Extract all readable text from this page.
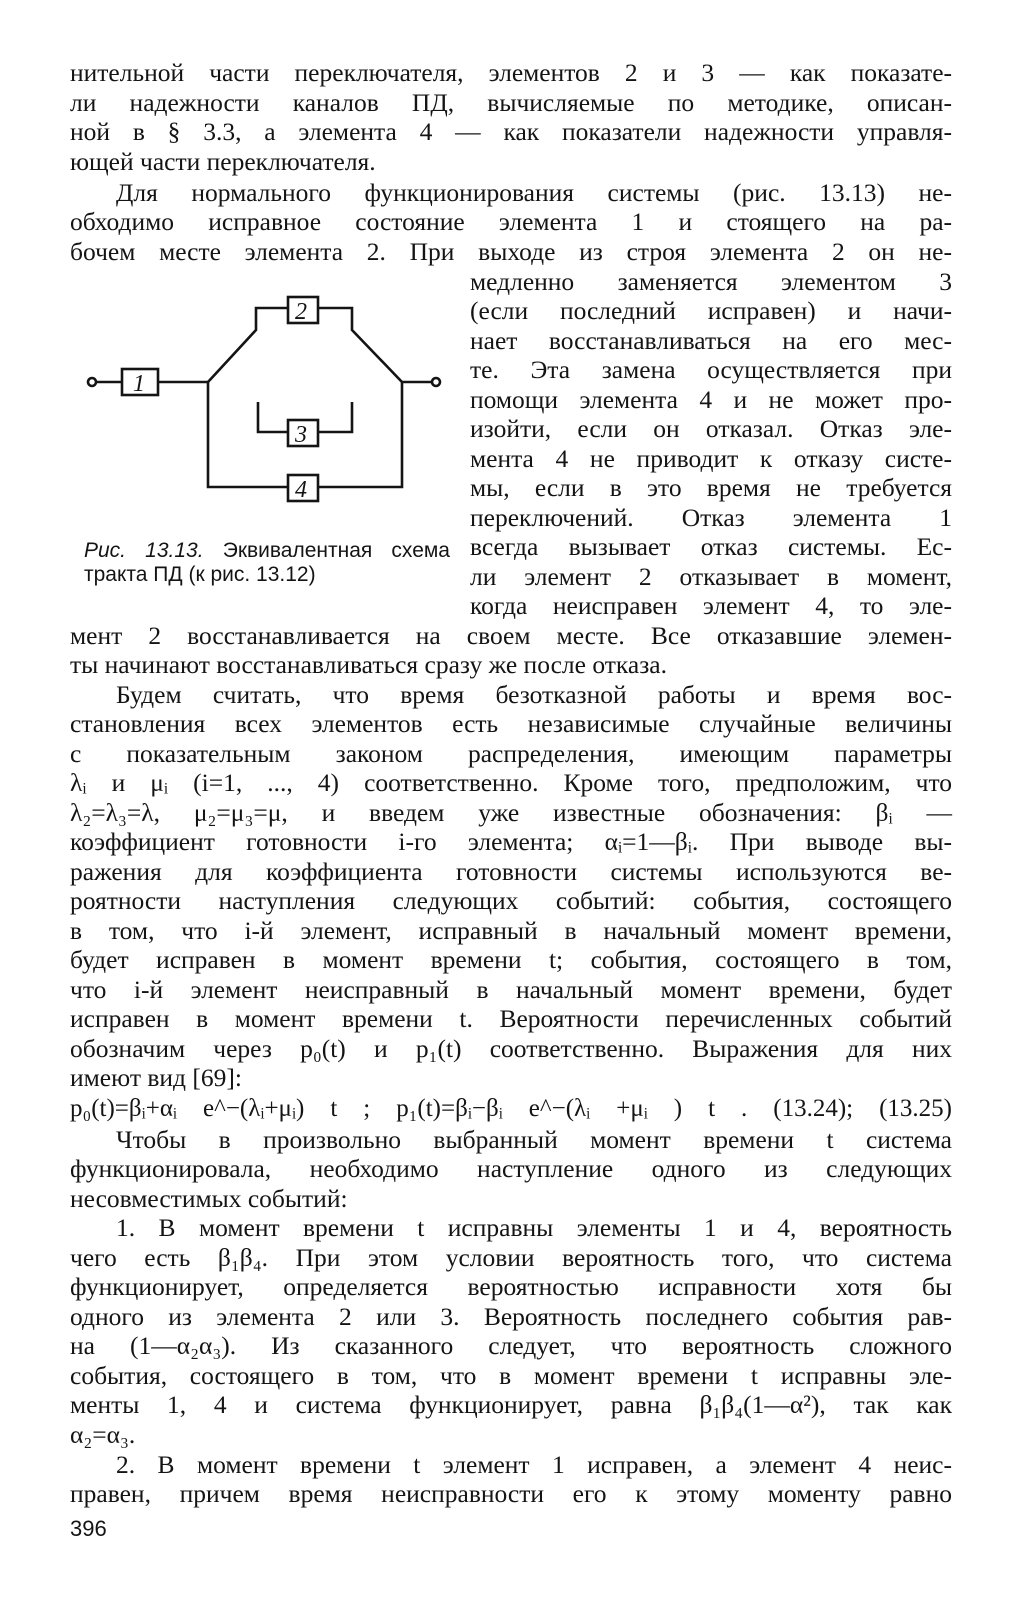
нительной части переключателя, элементов 2 и 3 — как показате-
ли надежности каналов ПД, вычисляемые по методике, описан-
ной в § 3.3, а элемента 4 — как показатели надежности управля-
ющей части переключателя.
Для нормального функционирования системы (рис. 13.13) не-
обходимо исправное состояние элемента 1 и стоящего на ра-
бочем месте элемента 2. При выходе из строя элемента 2 он не-
медленно заменяется элементом 3
(если последний исправен) и начи-
нает восстанавливаться на его мес-
те. Эта замена осуществляется при
помощи элемента 4 и не может про-
изойти, если он отказал. Отказ эле-
мента 4 не приводит к отказу систе-
мы, если в это время не требуется
переключений. Отказ элемента 1
всегда вызывает отказ системы. Ес-
ли элемент 2 отказывает в момент,
когда неисправен элемент 4, то эле-
мент 2 восстанавливается на своем месте. Все отказавшие элемен-
ты начинают восстанавливаться сразу же после отказа.
Будем считать, что время безотказной работы и время вос-
становления всех элементов есть независимые случайные величины
с показательным законом распределения, имеющим параметры
λᵢ и μᵢ (i=1, ..., 4) соответственно. Кроме того, предположим, что
λ₂=λ₃=λ, μ₂=μ₃=μ, и введем уже известные обозначения: βᵢ —
коэффициент готовности i-го элемента; αᵢ=1—βᵢ. При выводе вы-
ражения для коэффициента готовности системы используются ве-
роятности наступления следующих событий: события, состоящего
в том, что i-й элемент, исправный в начальный момент времени,
будет исправен в момент времени t; события, состоящего в том,
что i-й элемент неисправный в начальный момент времени, будет
исправен в момент времени t. Вероятности перечисленных событий
обозначим через p₀(t) и p₁(t) соответственно. Выражения для них
имеют вид [69]:
p₀(t)=βᵢ+αᵢ e^−(λᵢ+μᵢ) t ; p₁(t)=βᵢ−βᵢ e^−(λᵢ +μᵢ ) t . (13.24); (13.25)
Чтобы в произвольно выбранный момент времени t система
функционировала, необходимо наступление одного из следующих
несовместимых событий:
1. В момент времени t исправны элементы 1 и 4, вероятность
чего есть β₁β₄. При этом условии вероятность того, что система
функционирует, определяется вероятностью исправности хотя бы
одного из элемента 2 или 3. Вероятность последнего события рав-
на (1—α₂α₃). Из сказанного следует, что вероятность сложного
события, состоящего в том, что в момент времени t исправны эле-
менты 1, 4 и система функционирует, равна β₁β₄(1—α²), так как
α₂=α₃.
2. В момент времени t элемент 1 исправен, а элемент 4 неис-
правен, причем время неисправности его к этому моменту равно
1
2
3
4
Рис. 13.13. Эквивалентная схема
тракта ПД (к рис. 13.12)
396
